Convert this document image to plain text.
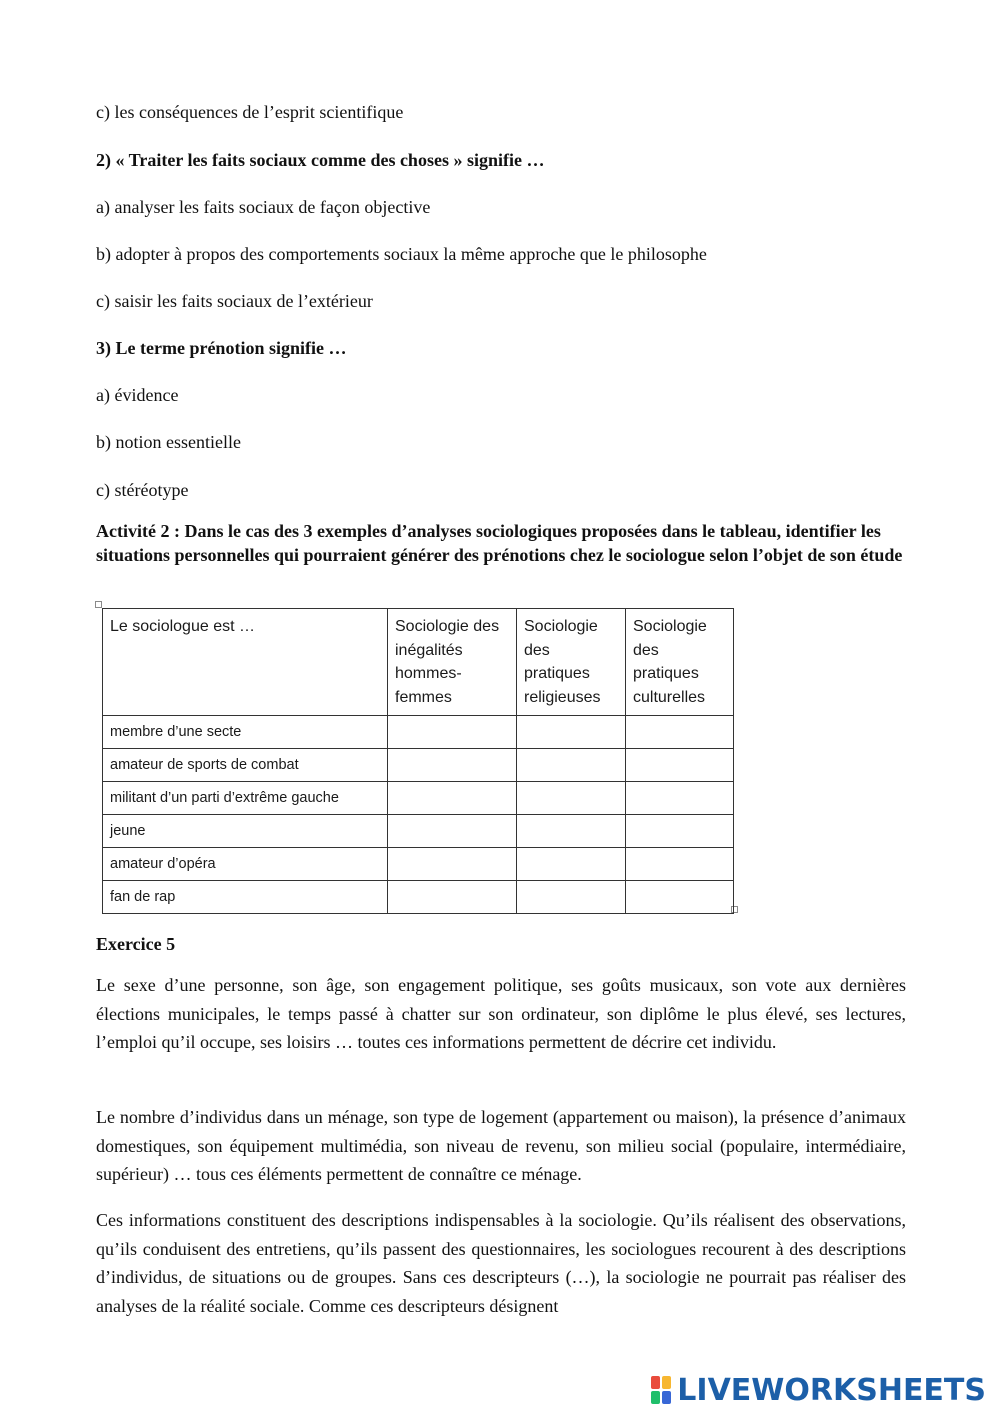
c) les conséquences de l’esprit scientifique
2) « Traiter les faits sociaux comme des choses » signifie …
a) analyser les faits sociaux de façon objective
b) adopter à propos des comportements sociaux la même approche que le philosophe
c) saisir les faits sociaux de l’extérieur
3) Le terme prénotion signifie …
a) évidence
b) notion essentielle
c) stéréotype
Activité 2 : Dans le cas des 3 exemples d’analyses sociologiques proposées dans le tableau, identifier les situations personnelles qui pourraient générer des prénotions chez le sociologue selon l’objet de son étude
Le sociologue est …	Sociologie des inégalités hommes-femmes	Sociologie des pratiques religieuses	Sociologie des pratiques culturelles
membre d’une secte			
amateur de sports de combat			
militant d’un parti d’extrême gauche			
jeune			
amateur d’opéra			
fan de rap			
Exercice 5
Le sexe d’une personne, son âge, son engagement politique, ses goûts musicaux, son vote aux dernières élections municipales, le temps passé à chatter sur son ordinateur, son diplôme le plus élevé, ses lectures, l’emploi qu’il occupe, ses loisirs … toutes ces informations permettent de décrire cet individu.
Le nombre d’individus dans un ménage, son type de logement (appartement ou maison), la présence d’animaux domestiques, son équipement multimédia, son niveau de revenu, son milieu social (populaire, intermédiaire, supérieur) … tous ces éléments permettent de connaître ce ménage.
Ces informations constituent des descriptions indispensables à la sociologie. Qu’ils réalisent des observations, qu’ils conduisent des entretiens, qu’ils passent des questionnaires, les sociologues recourent à des descriptions d’individus, de situations ou de groupes. Sans ces descripteurs (…), la sociologie ne pourrait pas réaliser des analyses de la réalité sociale. Comme ces descripteurs désignent
LIVEWORKSHEETS
